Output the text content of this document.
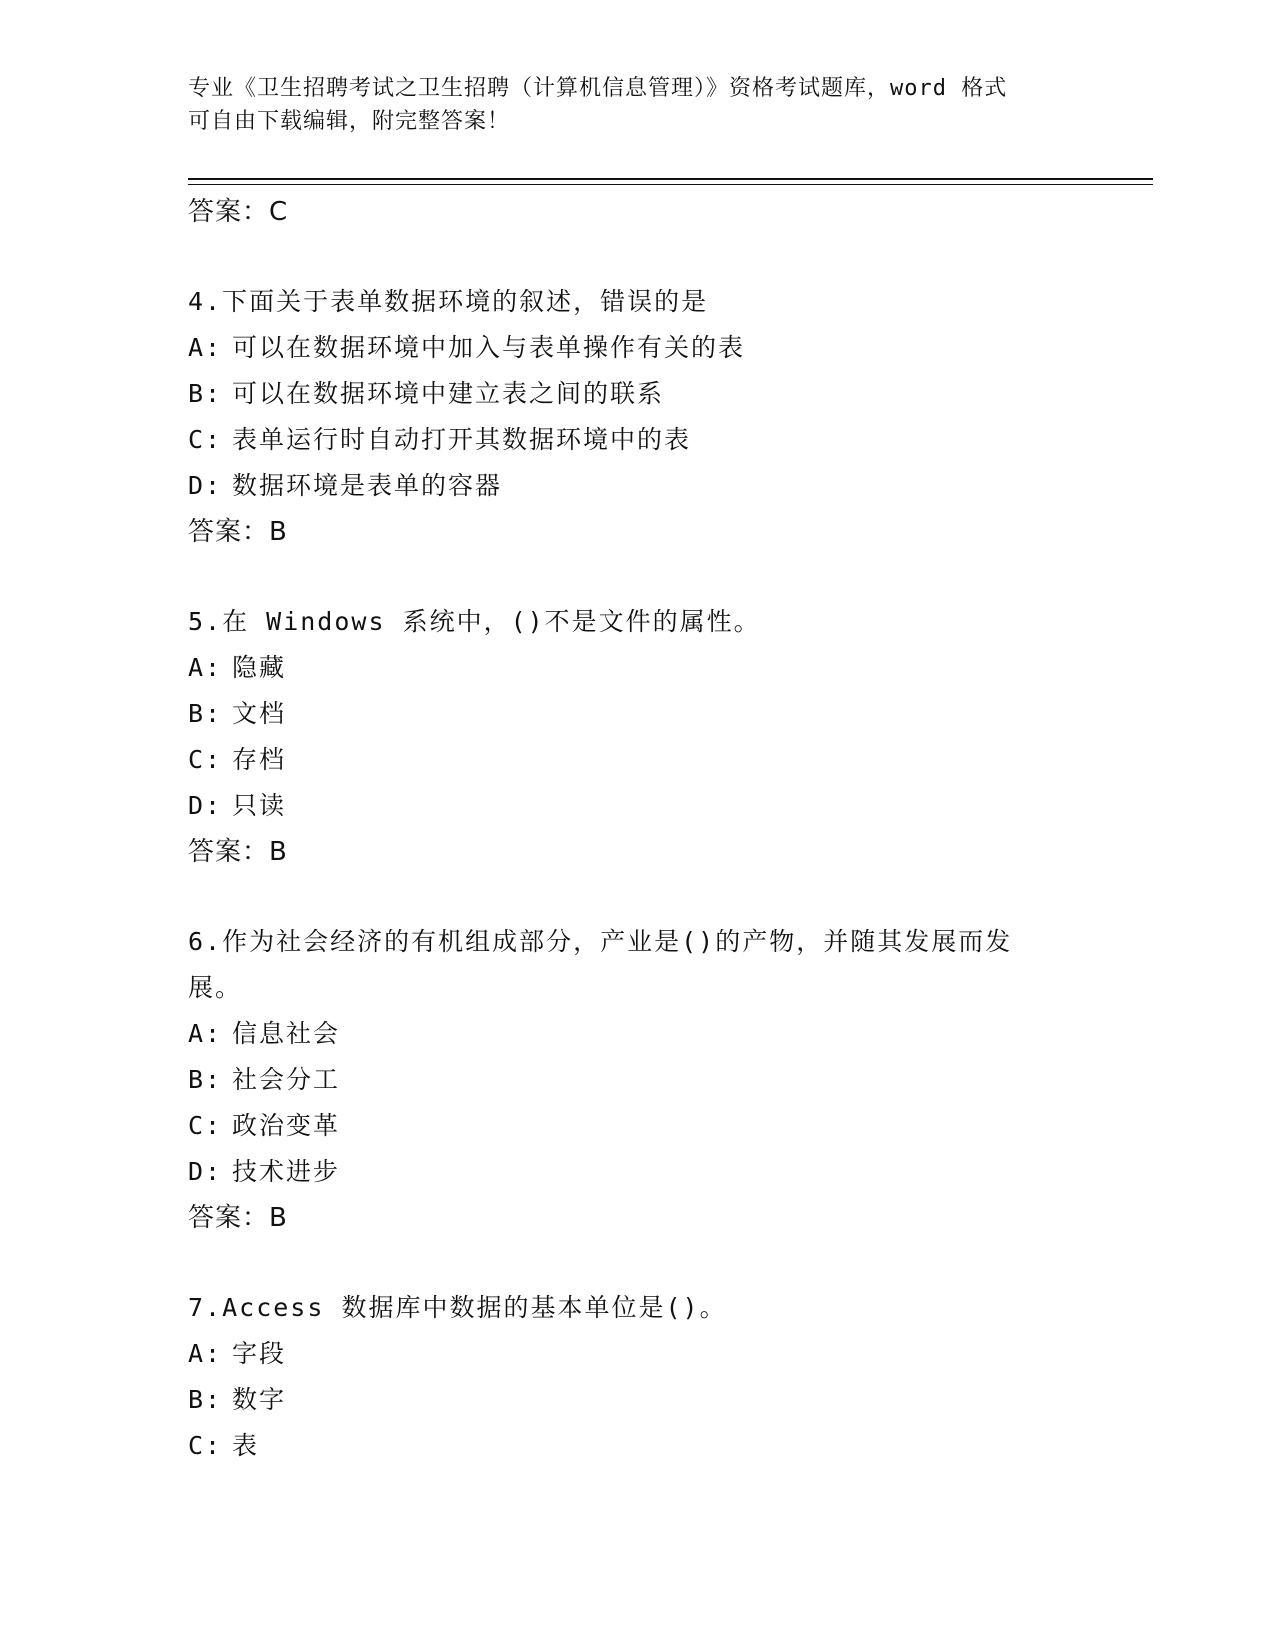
专业《卫生招聘考试之卫生招聘（计算机信息管理）》资格考试题库，word 格式
可自由下载编辑，附完整答案！
答案：C
4.下面关于表单数据环境的叙述，错误的是
A: 可以在数据环境中加入与表单操作有关的表
B: 可以在数据环境中建立表之间的联系
C: 表单运行时自动打开其数据环境中的表
D: 数据环境是表单的容器
答案：B
5.在 Windows 系统中，()不是文件的属性。
A: 隐藏
B: 文档
C: 存档
D: 只读
答案：B
6.作为社会经济的有机组成部分，产业是()的产物，并随其发展而发
展。
A: 信息社会
B: 社会分工
C: 政治变革
D: 技术进步
答案：B
7.Access 数据库中数据的基本单位是()。
A: 字段
B: 数字
C: 表
